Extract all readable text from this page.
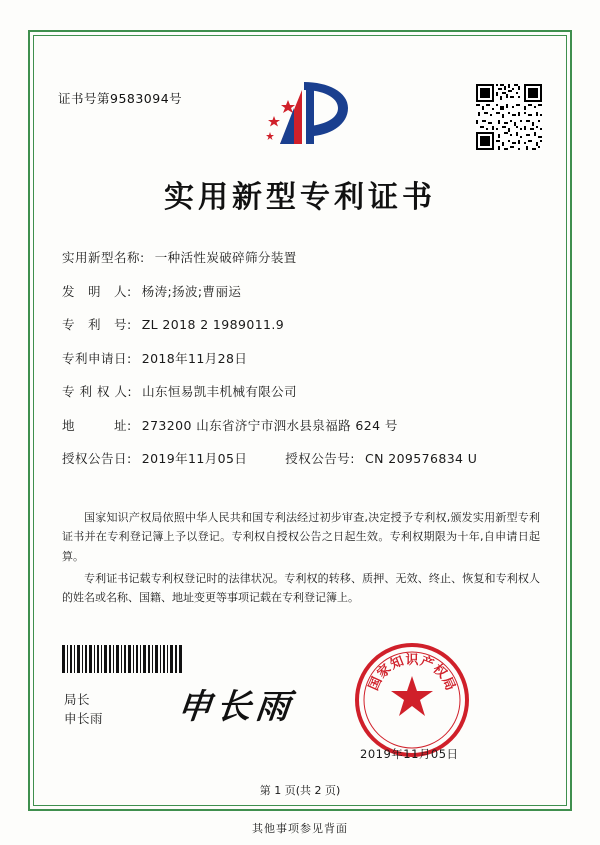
证书号第9583094号
实用新型专利证书
实用新型名称: 一种活性炭破碎筛分装置
发　明　人: 杨涛;扬波;曹丽运
专　利　号: ZL 2018 2 1989011.9
专利申请日: 2018年11月28日
专 利 权 人: 山东恒易凯丰机械有限公司
地　　　址: 273200 山东省济宁市泗水县泉福路 624 号
授权公告日: 2019年11月05日	授权公告号: CN 209576834 U

国家知识产权局依照中华人民共和国专利法经过初步审查,决定授予专利权,颁发实用新型专利证书并在专利登记簿上予以登记。专利权自授权公告之日起生效。专利权期限为十年,自申请日起算。

专利证书记载专利权登记时的法律状况。专利权的转移、质押、无效、终止、恢复和专利权人的姓名或名称、国籍、地址变更等事项记载在专利登记簿上。

局长
申长雨 申长雨
国
家
知 识 产
权
局
2019年11月05日
第 1 页(共 2 页)
其他事项参见背面
